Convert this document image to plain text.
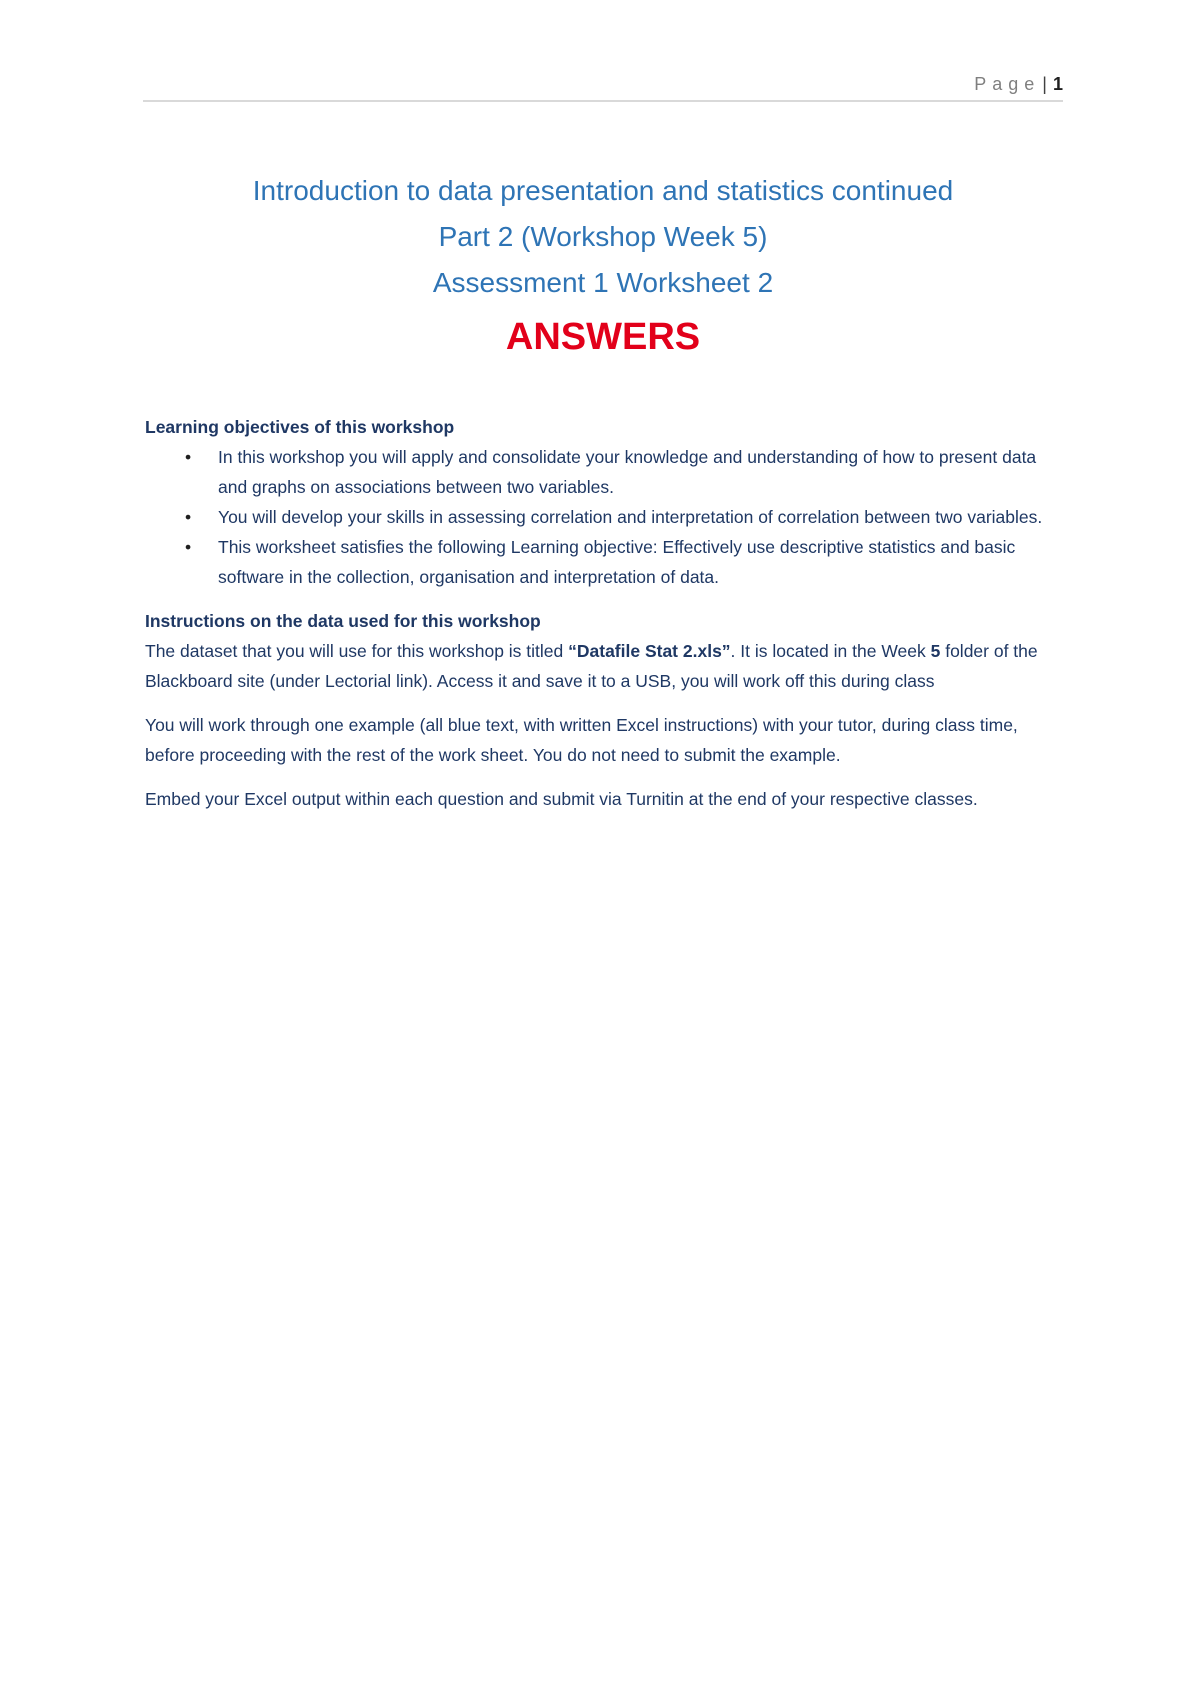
Page | 1
Introduction to data presentation and statistics continued
Part 2 (Workshop Week 5)
Assessment 1 Worksheet 2
ANSWERS
Learning objectives of this workshop
• In this workshop you will apply and consolidate your knowledge and understanding of how to present data and graphs on associations between two variables.
• You will develop your skills in assessing correlation and interpretation of correlation between two variables.
• This worksheet satisfies the following Learning objective: Effectively use descriptive statistics and basic software in the collection, organisation and interpretation of data.
Instructions on the data used for this workshop

The dataset that you will use for this workshop is titled “Datafile Stat 2.xls”. It is located in the Week 5 folder of the Blackboard site (under Lectorial link). Access it and save it to a USB, you will work off this during class

You will work through one example (all blue text, with written Excel instructions) with your tutor, during class time, before proceeding with the rest of the work sheet. You do not need to submit the example.

Embed your Excel output within each question and submit via Turnitin at the end of your respective classes.
